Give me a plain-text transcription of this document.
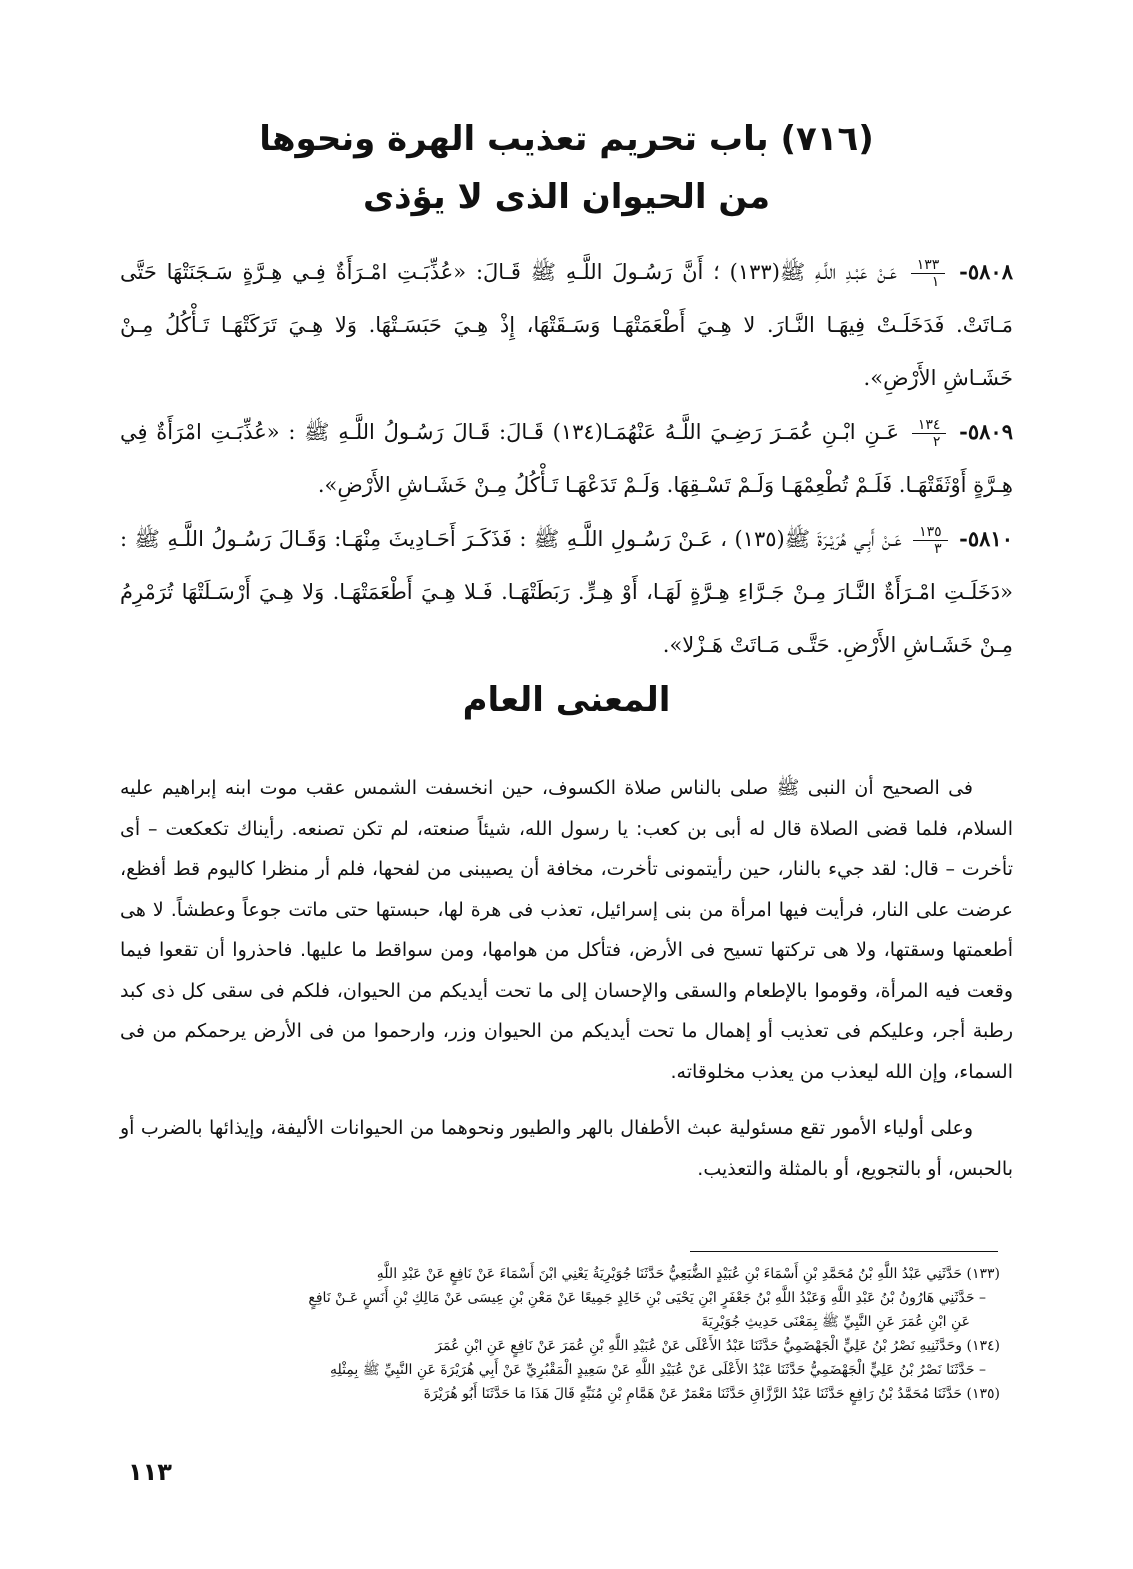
(٧١٦) باب تحريم تعذيب الهرة ونحوها
من الحيوان الذى لا يؤذى

٥٨٠٨-
$\frac{١٣٣}{١}$
عَـنْ عَبْـدِ اللَّـهِ ﷺ(١٣٣) ؛ أَنَّ رَسُـولَ اللَّـهِ ﷺ قَـالَ: «عُذِّبَـتِ امْـرَأَةٌ فِـي هِـرَّةٍ سَـجَنَتْهَا حَتَّى مَـاتَتْ. فَدَخَلَـتْ فِيهَـا النَّـارَ. لا هِـيَ أَطْعَمَتْهَـا وَسَـقَتْهَا، إِذْ هِـيَ حَبَسَـتْهَا. وَلا هِـيَ تَرَكَتْهَـا تَـأْكُلُ مِـنْ خَشَـاشِ الأَرْضِ».

٥٨٠٩-
$\frac{١٣٤}{٢}$
عَـنِ ابْـنِ عُمَـرَ رَضِـيَ اللَّـهُ عَنْهُمَـا(١٣٤) قَـالَ: قَـالَ رَسُـولُ اللَّـهِ ﷺ : «عُذِّبَـتِ امْرَأَةٌ فِي هِـرَّةٍ أَوْثَقَتْهَـا. فَلَـمْ تُطْعِمْهَـا وَلَـمْ تَسْـقِهَا. وَلَـمْ تَدَعْهَـا تَـأْكُلُ مِـنْ خَشَـاشِ الأَرْضِ».

٥٨١٠-
$\frac{١٣٥}{٣}$
عَـنْ أَبِـي هُرَيْـرَةَ ﷺ(١٣٥) ، عَـنْ رَسُـولِ اللَّـهِ ﷺ : فَذَكَـرَ أَحَـادِيثَ مِنْهَـا: وَقَـالَ رَسُـولُ اللَّـهِ ﷺ : «دَخَلَـتِ امْـرَأَةٌ النَّـارَ مِـنْ جَـرَّاءِ هِـرَّةٍ لَهَـا، أَوْ هِـرٍّ. رَبَطَتْهَـا. فَـلا هِـيَ أَطْعَمَتْهَـا. وَلا هِـيَ أَرْسَـلَتْهَا تُرَمْرِمُ مِـنْ خَشَـاشِ الأَرْضِ. حَتَّـى مَـاتَتْ هَـزْلا».

المعنى العام

فى الصحيح أن النبى ﷺ صلى بالناس صلاة الكسوف، حين انخسفت الشمس عقب موت ابنه إبراهيم عليه السلام، فلما قضى الصلاة قال له أبى بن كعب: يا رسول الله، شيئاً صنعته، لم تكن تصنعه. رأيناك تكعكعت – أى تأخرت – قال: لقد جيء بالنار، حين رأيتمونى تأخرت، مخافة أن يصيبنى من لفحها، فلم أر منظرا كاليوم قط أفظع، عرضت على النار، فرأيت فيها امرأة من بنى إسرائيل، تعذب فى هرة لها، حبستها حتى ماتت جوعاً وعطشاً. لا هى أطعمتها وسقتها، ولا هى تركتها تسيح فى الأرض، فتأكل من هوامها، ومن سواقط ما عليها. فاحذروا أن تقعوا فيما وقعت فيه المرأة، وقوموا بالإطعام والسقى والإحسان إلى ما تحت أيديكم من الحيوان، فلكم فى سقى كل ذى كبد رطبة أجر، وعليكم فى تعذيب أو إهمال ما تحت أيديكم من الحيوان وزر، وارحموا من فى الأرض يرحمكم من فى السماء، وإن الله ليعذب من يعذب مخلوقاته.

وعلى أولياء الأمور تقع مسئولية عبث الأطفال بالهر والطيور ونحوهما من الحيوانات الأليفة، وإيذائها بالضرب أو بالحبس، أو بالتجويع، أو بالمثلة والتعذيب.

(١٣٣) حَدَّثَنِي عَبْدُ اللَّهِ بْنُ مُحَمَّدِ بْنِ أَسْمَاءَ بْنِ عُبَيْدٍ الضُّبَعِيُّ حَدَّثَنَا جُوَيْرِيَةُ يَعْنِي ابْنَ أَسْمَاءَ عَنْ نَافِعٍ عَنْ عَبْدِ اللَّهِ

– حَدَّثَنِي هَارُونُ بْنُ عَبْدِ اللَّهِ وَعَبْدُ اللَّهِ بْنُ جَعْفَرٍ ابْنِ يَحْيَى بْنِ خَالِدٍ جَمِيعًا عَنْ مَعْنِ بْنِ عِيسَى عَنْ مَالِكِ بْنِ أَنَسٍ عَـنْ نَافِعٍ

عَنِ ابْنِ عُمَرَ عَنِ النَّبِيِّ ﷺ بِمَعْنَى حَدِيثِ جُوَيْرِيَةَ

(١٣٤) وحَدَّثَنِيهِ نَصْرُ بْنُ عَلِيٍّ الْجَهْضَمِيُّ حَدَّثَنَا عَبْدُ الأَعْلَى عَنْ عُبَيْدِ اللَّهِ بْنِ عُمَرَ عَنْ نَافِعٍ عَنِ ابْنِ عُمَرَ

– حَدَّثَنَا نَصْرُ بْنُ عَلِيٍّ الْجَهْضَمِيُّ حَدَّثَنَا عَبْدُ الأَعْلَى عَنْ عُبَيْدِ اللَّهِ عَنْ سَعِيدٍ الْمَقْبُرِيِّ عَنْ أَبِي هُرَيْرَةَ عَنِ النَّبِيِّ ﷺ بِمِثْلِهِ

(١٣٥) حَدَّثَنَا مُحَمَّدُ بْنُ رَافِعٍ حَدَّثَنَا عَبْدُ الرَّزَّاقِ حَدَّثَنَا مَعْمَرٌ عَنْ هَمَّامِ بْنِ مُنَبِّهٍ قَالَ هَذَا مَا حَدَّثَنَا أَبُو هُرَيْرَةَ

١١٣
